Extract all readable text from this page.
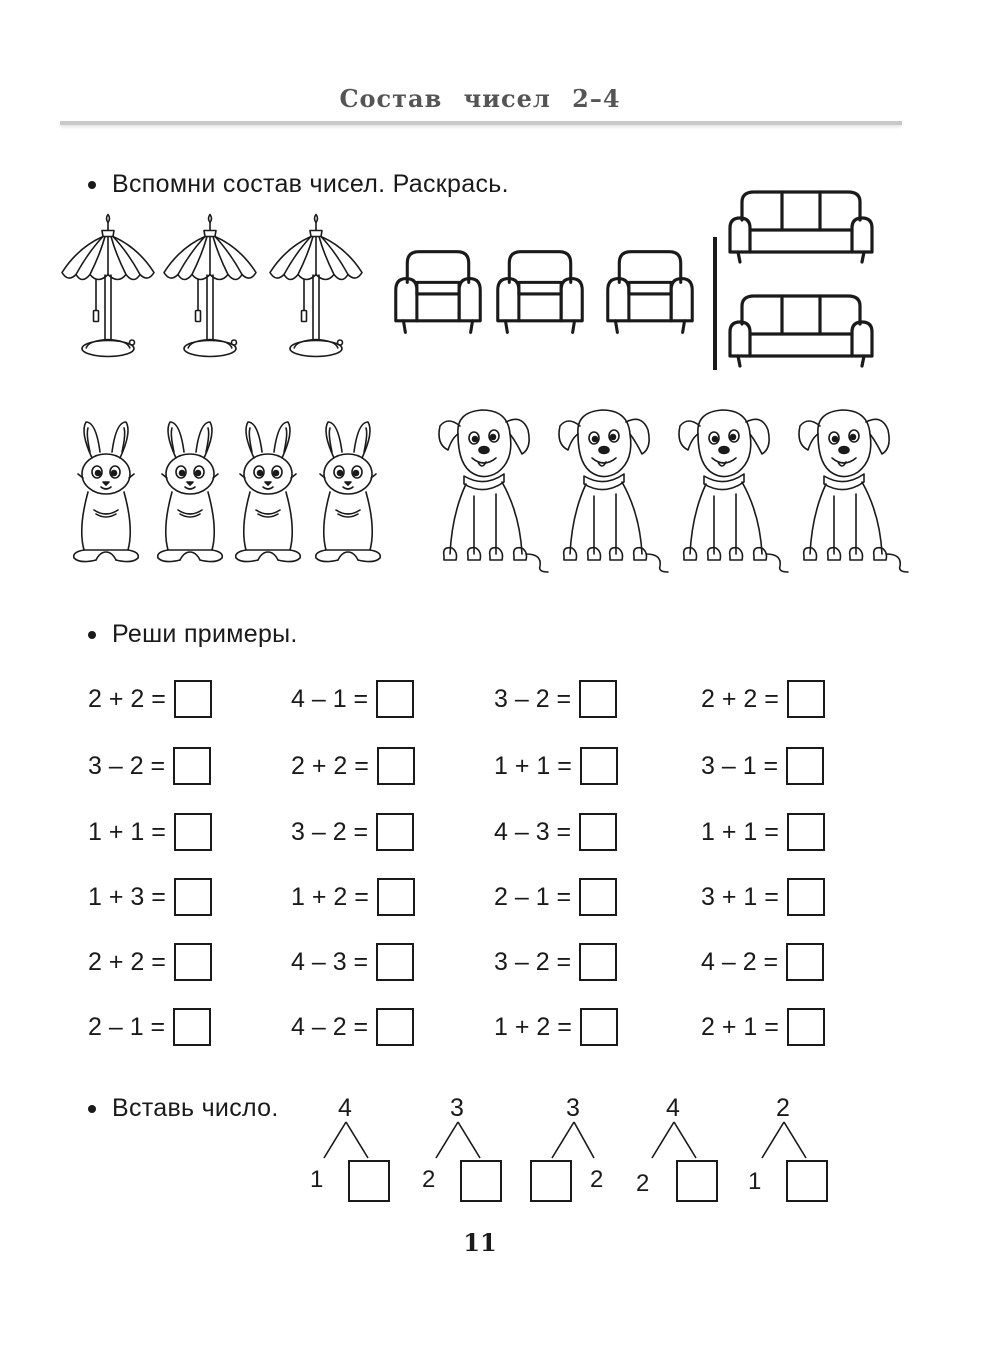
Состав чисел 2–4
Вспомни состав чисел. Раскрась.
Реши примеры.
2 + 2 =
3 – 2 =
1 + 1 =
1 + 3 =
2 + 2 =
2 – 1 =
4 – 1 =
2 + 2 =
3 – 2 =
1 + 2 =
4 – 3 =
4 – 2 =
3 – 2 =
1 + 1 =
4 – 3 =
2 – 1 =
3 – 2 =
1 + 2 =
2 + 2 =
3 – 1 =
1 + 1 =
3 + 1 =
4 – 2 =
2 + 1 =
Вставь число. 4
1
3
2
3
2
4
2
2
1
11
